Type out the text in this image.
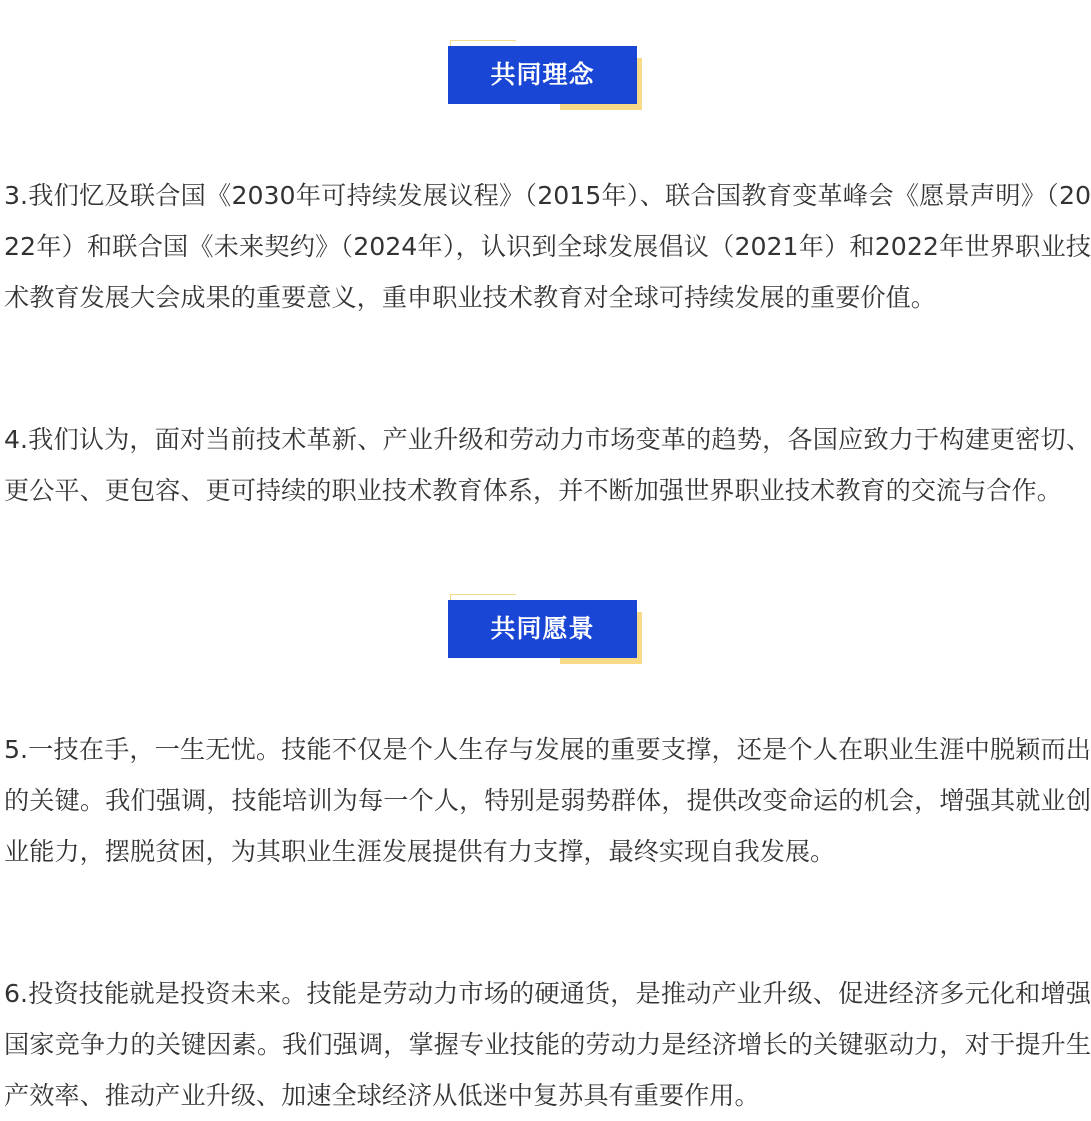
共同理念

3.我们忆及联合国《2030年可持续发展议程》（2015年）、联合国教育变革峰会《愿景声明》（2022年）和联合国《未来契约》（2024年），认识到全球发展倡议（2021年）和2022年世界职业技术教育发展大会成果的重要意义，重申职业技术教育对全球可持续发展的重要价值。

4.我们认为，面对当前技术革新、产业升级和劳动力市场变革的趋势，各国应致力于构建更密切、更公平、更包容、更可持续的职业技术教育体系，并不断加强世界职业技术教育的交流与合作。

共同愿景

5.一技在手，一生无忧。技能不仅是个人生存与发展的重要支撑，还是个人在职业生涯中脱颖而出的关键。我们强调，技能培训为每一个人，特别是弱势群体，提供改变命运的机会，增强其就业创业能力，摆脱贫困，为其职业生涯发展提供有力支撑，最终实现自我发展。

6.投资技能就是投资未来。技能是劳动力市场的硬通货，是推动产业升级、促进经济多元化和增强国家竞争力的关键因素。我们强调，掌握专业技能的劳动力是经济增长的关键驱动力，对于提升生产效率、推动产业升级、加速全球经济从低迷中复苏具有重要作用。
